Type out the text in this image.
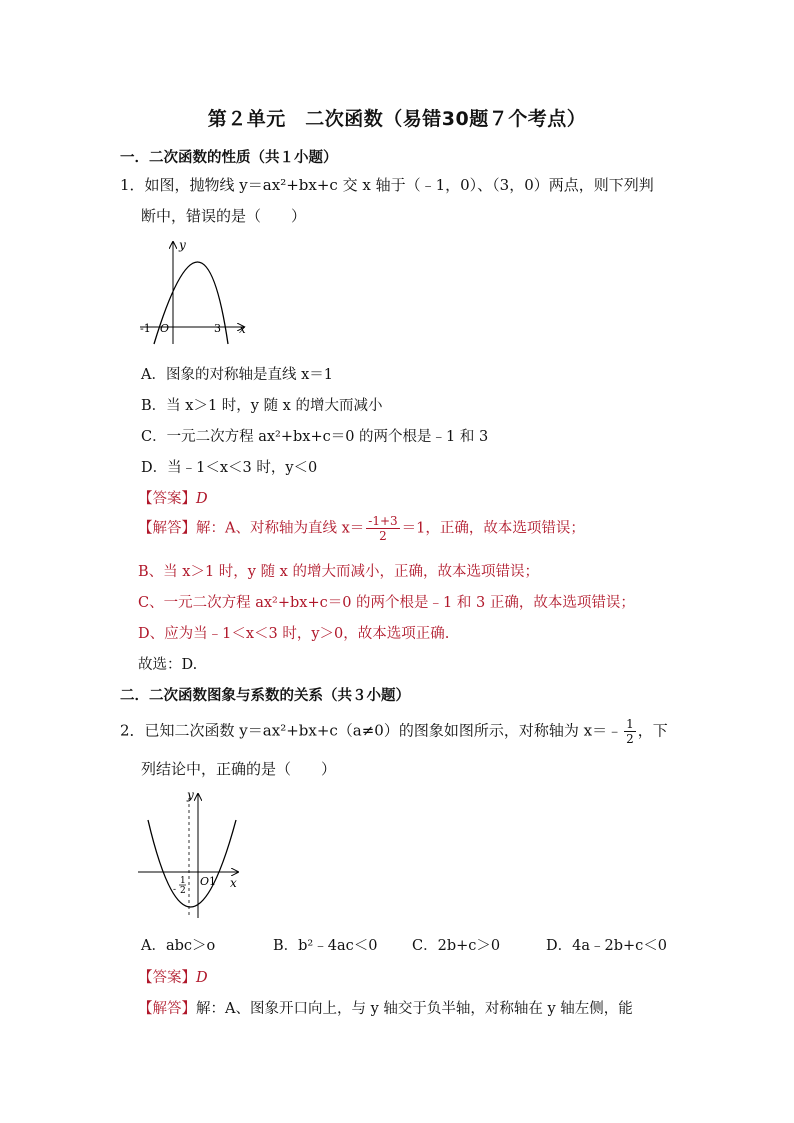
第２单元　二次函数（易错30题７个考点）
一．二次函数的性质（共１小题）
1．如图，抛物线 y＝ax²+bx+c 交 x 轴于（﹣1，0）、（3，0）两点，则下列判
断中，错误的是（　　）
y
x
O
-1	3
A．图象的对称轴是直线 x＝1
B．当 x＞1 时，y 随 x 的增大而减小
C．一元二次方程 ax²+bx+c＝0 的两个根是﹣1 和 3
D．当﹣1＜x＜3 时，y＜0
【答案】D
【解答】解：A、对称轴为直线 $x= \frac{-1+3}{2} =1$，正确，故本选项错误；
B、当 x＞1 时，y 随 x 的增大而减小，正确，故本选项错误；
C、一元二次方程 ax²+bx+c＝0 的两个根是﹣1 和 3 正确，故本选项错误；
D、应为当﹣1＜x＜3 时，y＞0，故本选项正确.
故选：D.
二．二次函数图象与系数的关系（共３小题）
2．已知二次函数 y＝ax²+bx+c（a≠0）的图象如图所示，对称轴为 x＝﹣ $\frac{1}{2}$ ，下
列结论中，正确的是（　　）
y
x
O 1
1
- 2
A．abc＞o	B．b²﹣4ac＜0 C．2b+c＞0	D．4a﹣2b+c＜0
【答案】D
【解答】解：A、图象开口向上，与 y 轴交于负半轴，对称轴在 y 轴左侧，能
